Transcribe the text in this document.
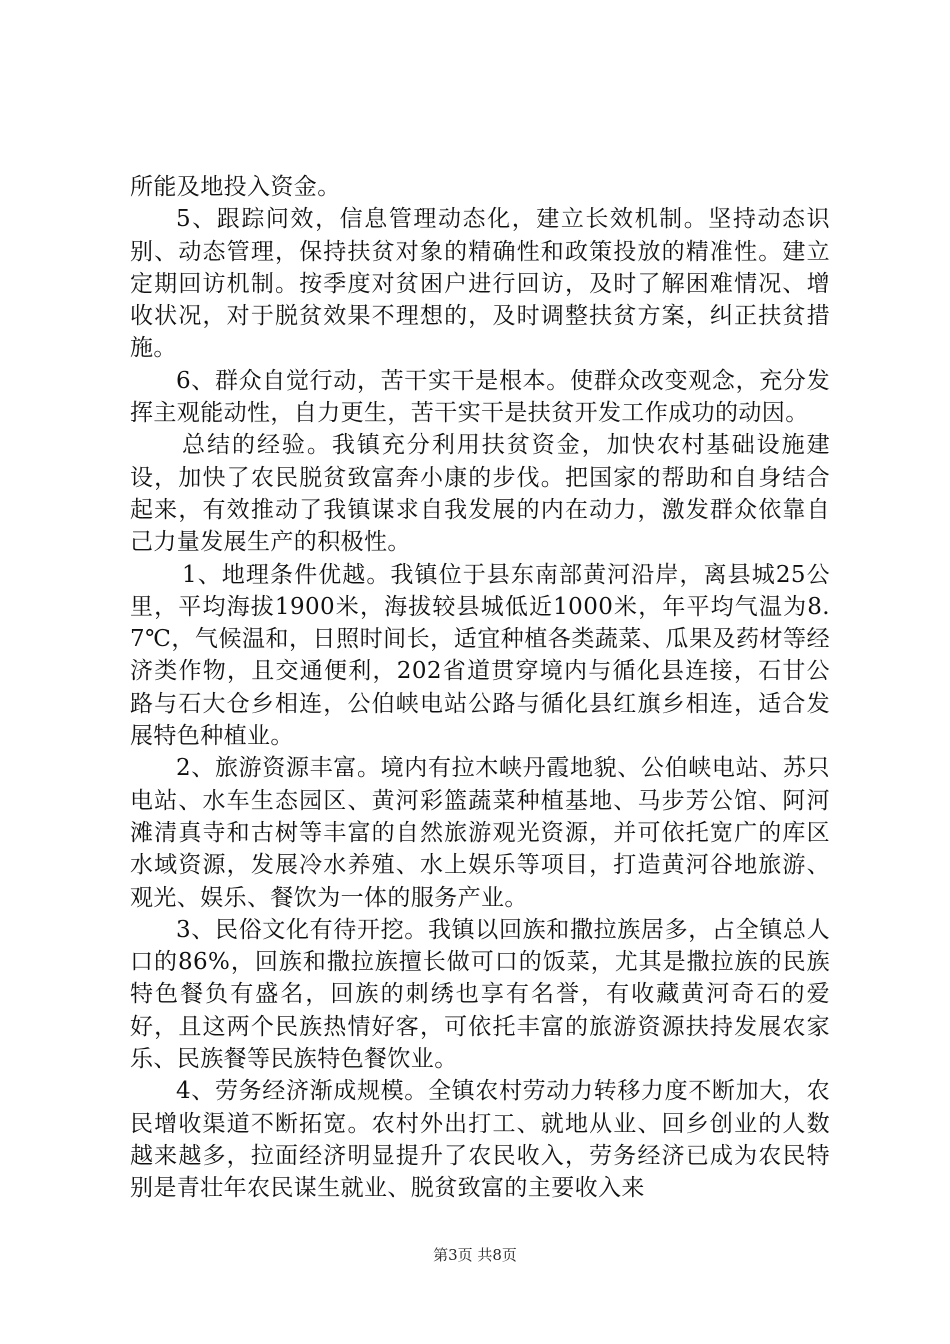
所能及地投入资金。

5、跟踪问效，信息管理动态化，建立长效机制。坚持动态识别、动态管理，保持扶贫对象的精确性和政策投放的精准性。建立定期回访机制。按季度对贫困户进行回访，及时了解困难情况、增收状况，对于脱贫效果不理想的，及时调整扶贫方案，纠正扶贫措施。

6、群众自觉行动，苦干实干是根本。使群众改变观念，充分发挥主观能动性，自力更生，苦干实干是扶贫开发工作成功的动因。

总结的经验。我镇充分利用扶贫资金，加快农村基础设施建设，加快了农民脱贫致富奔小康的步伐。把国家的帮助和自身结合起来，有效推动了我镇谋求自我发展的内在动力，激发群众依靠自己力量发展生产的积极性。

1、地理条件优越。我镇位于县东南部黄河沿岸，离县城25公里，平均海拔1900米，海拔较县城低近1000米，年平均气温为8.7℃，气候温和，日照时间长，适宜种植各类蔬菜、瓜果及药材等经济类作物，且交通便利，202省道贯穿境内与循化县连接，石甘公路与石大仓乡相连，公伯峡电站公路与循化县红旗乡相连，适合发展特色种植业。

2、旅游资源丰富。境内有拉木峡丹霞地貌、公伯峡电站、苏只电站、水车生态园区、黄河彩篮蔬菜种植基地、马步芳公馆、阿河滩清真寺和古树等丰富的自然旅游观光资源，并可依托宽广的库区水域资源，发展冷水养殖、水上娱乐等项目，打造黄河谷地旅游、观光、娱乐、餐饮为一体的服务产业。

3、民俗文化有待开挖。我镇以回族和撒拉族居多，占全镇总人口的86%，回族和撒拉族擅长做可口的饭菜，尤其是撒拉族的民族特色餐负有盛名，回族的刺绣也享有名誉，有收藏黄河奇石的爱好，且这两个民族热情好客，可依托丰富的旅游资源扶持发展农家乐、民族餐等民族特色餐饮业。

4、劳务经济渐成规模。全镇农村劳动力转移力度不断加大，农民增收渠道不断拓宽。农村外出打工、就地从业、回乡创业的人数越来越多，拉面经济明显提升了农民收入，劳务经济已成为农民特别是青壮年农民谋生就业、脱贫致富的主要收入来

第3页 共8页
